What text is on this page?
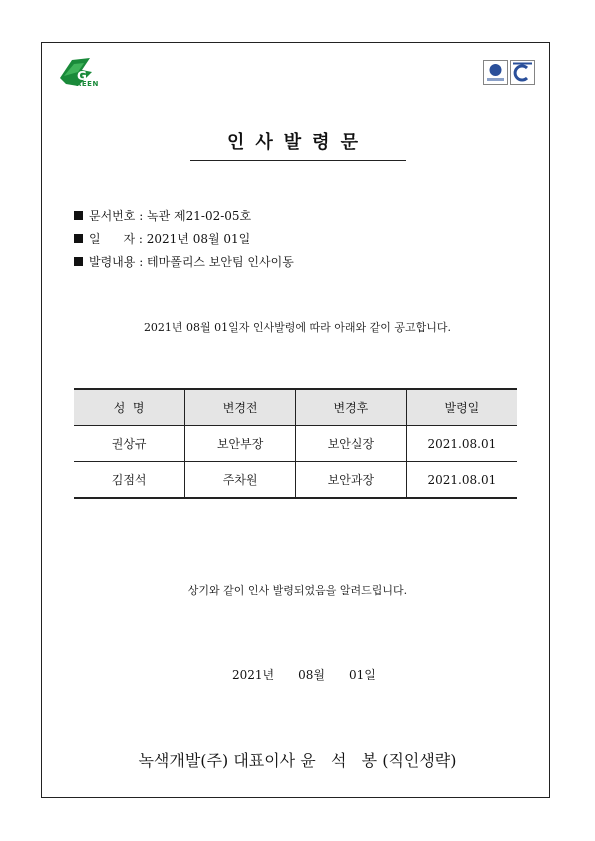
G
REEN
인사발령문
문서번호 : 녹관 제21-02-05호
일      자 : 2021년 08월 01일
발령내용 : 테마폴리스 보안팀 인사이동
2021년 08월 01일자 인사발령에 따라 아래와 같이 공고합니다.
성  명	변경전	변경후	발령일
권상규	보안부장	보안실장	2021.08.01
김점석	주차원	보안과장	2021.08.01
상기와 같이 인사 발령되었음을 알려드립니다.
2021년 08월 01일
녹색개발(주) 대표이사 윤   석   봉 (직인생략)
